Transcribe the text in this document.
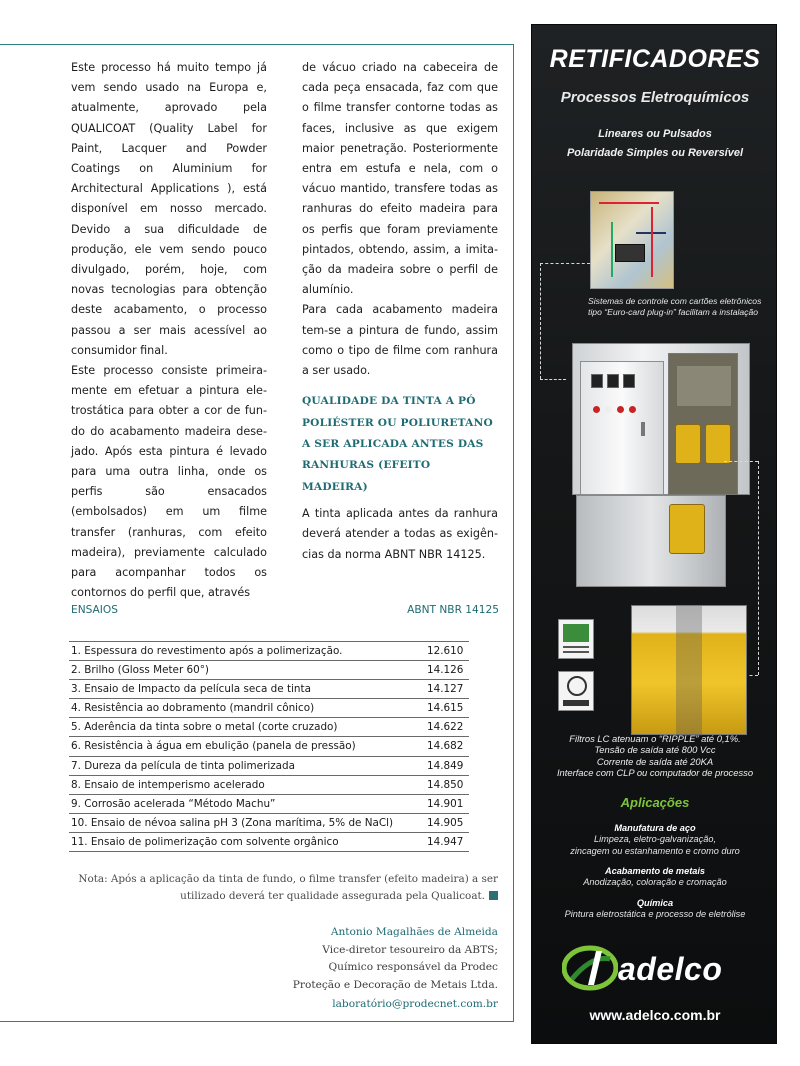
Este processo há muito tempo já vem sendo usado na Europa e, atualmente, aprovado pela QUALICOAT (Quality Label for Paint, Lacquer and Powder Coatings on Aluminium for Architectural Applications ), está disponível em nosso mercado. Devido a sua dificuldade de produção, ele vem sendo pouco divulgado, porém, hoje, com novas tecnologias para obtenção deste acabamento, o processo passou a ser mais acessível ao consumidor final.

Este processo consiste primeiramente em efetuar a pintura eletrostática para obter a cor de fundo do acabamento madeira desejado. Após esta pintura é levado para uma outra linha, onde os perfis são ensacados (embolsados) em um filme transfer (ranhuras, com efeito madeira), previamente calculado para acompanhar todos os contornos do perfil que, através

de vácuo criado na cabeceira de cada peça ensacada, faz com que o filme transfer contorne todas as faces, inclusive as que exigem maior penetração. Posteriormente entra em estufa e nela, com o vácuo mantido, transfere todas as ranhuras do efeito madeira para os perfis que foram previamente pintados, obtendo, assim, a imitação da madeira sobre o perfil de alumínio.

Para cada acabamento madeira tem-se a pintura de fundo, assim como o tipo de filme com ranhura a ser usado.

QUALIDADE DA TINTA A PÓ POLIÉSTER OU POLIURETANO A SER APLICADA ANTES DAS RANHURAS (EFEITO MADEIRA)

A tinta aplicada antes da ranhura deverá atender a todas as exigências da norma ABNT NBR 14125.

ENSAIOS	ABNT NBR 14125
1. Espessura do revestimento após a polimerização.	12.610
2. Brilho (Gloss Meter 60°)	14.126
3. Ensaio de Impacto da película seca de tinta	14.127
4. Resistência ao dobramento (mandril cônico)	14.615
5. Aderência da tinta sobre o metal (corte cruzado)	14.622
6. Resistência à água em ebulição (panela de pressão)	14.682
7. Dureza da película de tinta polimerizada	14.849
8. Ensaio de intemperismo acelerado	14.850
9. Corrosão acelerada “Método Machu”	14.901
10. Ensaio de névoa salina pH 3 (Zona marítima, 5% de NaCl)	14.905
11. Ensaio de polimerização com solvente orgânico	14.947
Nota: Após a aplicação da tinta de fundo, o filme transfer (efeito madeira) a ser
utilizado deverá ter qualidade assegurada pela Qualicoat.
Antonio Magalhães de Almeida
Vice-diretor tesoureiro da ABTS;
Químico responsável da Prodec
Proteção e Decoração de Metais Ltda.
laboratório@prodecnet.com.br
RETIFICADORES
Processos Eletroquímicos
Lineares ou Pulsados
Polaridade Simples ou Reversível
Sistemas de controle com cartões eletrônicos tipo “Euro-card plug-in” facilitam a instalação
Filtros LC atenuam o “RIPPLE” até 0,1%.
Tensão de saída até 800 Vcc
Corrente de saída até 20KA
Interface com CLP ou computador de processo
Aplicações
Manufatura de aço
Limpeza, eletro-galvanização,
zincagem ou estanhamento e cromo duro
Acabamento de metais
Anodização, coloração e cromação
Química
Pintura eletrostática e processo de eletrólise
adelco
www.adelco.com.br
